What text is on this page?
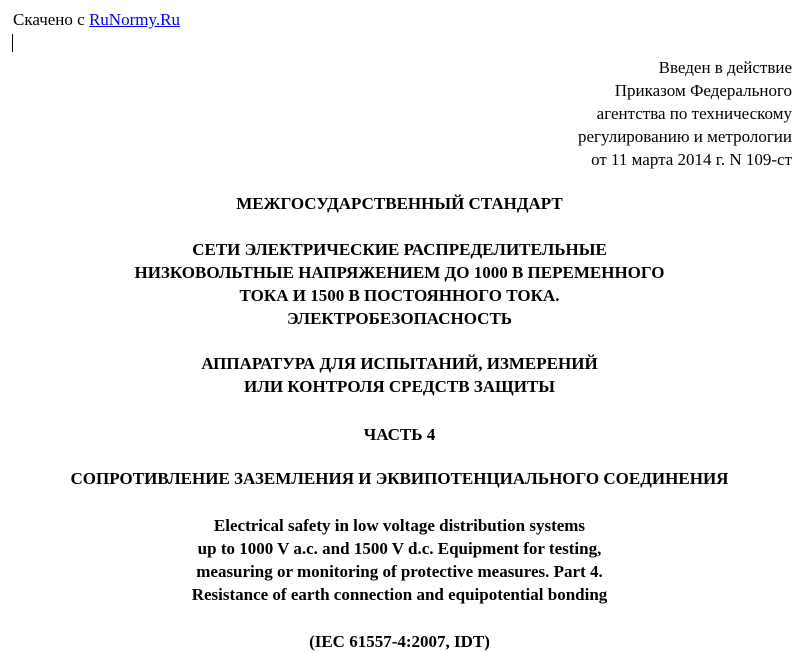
Скачено с RuNormy.Ru
Введен в действие
Приказом Федерального
агентства по техническому
регулированию и метрологии
от 11 марта 2014 г. N 109-ст
МЕЖГОСУДАРСТВЕННЫЙ СТАНДАРТ
СЕТИ ЭЛЕКТРИЧЕСКИЕ РАСПРЕДЕЛИТЕЛЬНЫЕ
НИЗКОВОЛЬТНЫЕ НАПРЯЖЕНИЕМ ДО 1000 В ПЕРЕМЕННОГО
ТОКА И 1500 В ПОСТОЯННОГО ТОКА.
ЭЛЕКТРОБЕЗОПАСНОСТЬ
АППАРАТУРА ДЛЯ ИСПЫТАНИЙ, ИЗМЕРЕНИЙ
ИЛИ КОНТРОЛЯ СРЕДСТВ ЗАЩИТЫ
ЧАСТЬ 4
СОПРОТИВЛЕНИЕ ЗАЗЕМЛЕНИЯ И ЭКВИПОТЕНЦИАЛЬНОГО СОЕДИНЕНИЯ
Electrical safety in low voltage distribution systems
up to 1000 V a.c. and 1500 V d.c. Equipment for testing,
measuring or monitoring of protective measures. Part 4.
Resistance of earth connection and equipotential bonding
(IEC 61557-4:2007, IDT)
